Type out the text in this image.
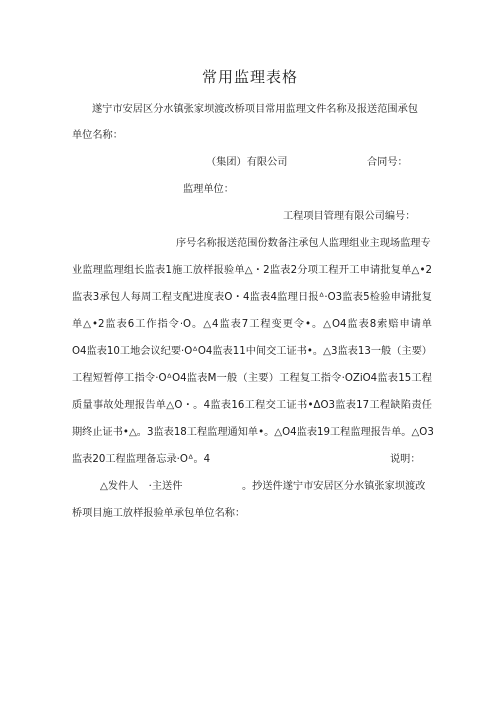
常用监理表格
遂宁市安居区分水镇张家坝渡改桥项目常用监理文件名称及报送范围承包
单位名称：
（集团）有限公司	合同号：
监理单位：
工程项目管理有限公司编号：
序号名称报送范围份数备注承包人监理组业主现场监理专
业监理监理组长监表1施工放样报验单△・2监表2分项工程开工申请批复单△•2
监表3承包人每周工程支配进度表O・4监表4监理日报ᐞ·O3监表5检验申请批复
单△•2监表6工作指令·O。△4监表7工程变更令•。△O4监表8索赔申请单
O4监表10工地会议纪要·OᐞO4监表11中间交工证书•。△3监表13一般（主要）
工程短暂停工指令·OᐞO4监表M一般（主要）工程复工指令·OZiO4监表15工程
质量事故处理报告单△O・。4监表16工程交工证书•ΔO3监表17工程缺陷责任
期终止证书•△。3监表18工程监理通知单•。△O4监表19工程监理报告单。△O3
监表20工程监理备忘录·Oᐞ。4	说明：
△发件人　·主送件	。抄送件遂宁市安居区分水镇张家坝渡改
桥项目施工放样报验单承包单位名称：
